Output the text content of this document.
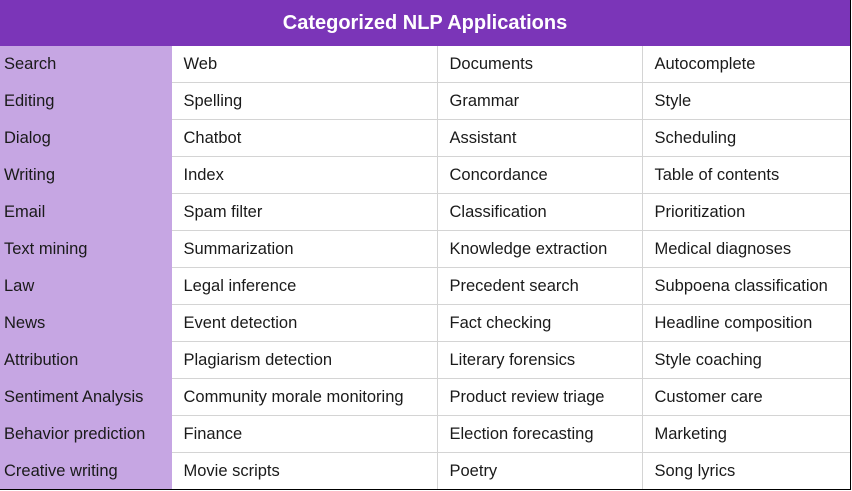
Categorized NLP Applications
Search	Web	Documents	Autocomplete
Editing	Spelling	Grammar	Style
Dialog	Chatbot	Assistant	Scheduling
Writing	Index	Concordance	Table of contents
Email	Spam filter	Classification	Prioritization
Text mining	Summarization	Knowledge extraction	Medical diagnoses
Law	Legal inference	Precedent search	Subpoena classification
News	Event detection	Fact checking	Headline composition
Attribution	Plagiarism detection	Literary forensics	Style coaching
Sentiment Analysis	Community morale monitoring	Product review triage	Customer care
Behavior prediction	Finance	Election forecasting	Marketing
Creative writing	Movie scripts	Poetry	Song lyrics
